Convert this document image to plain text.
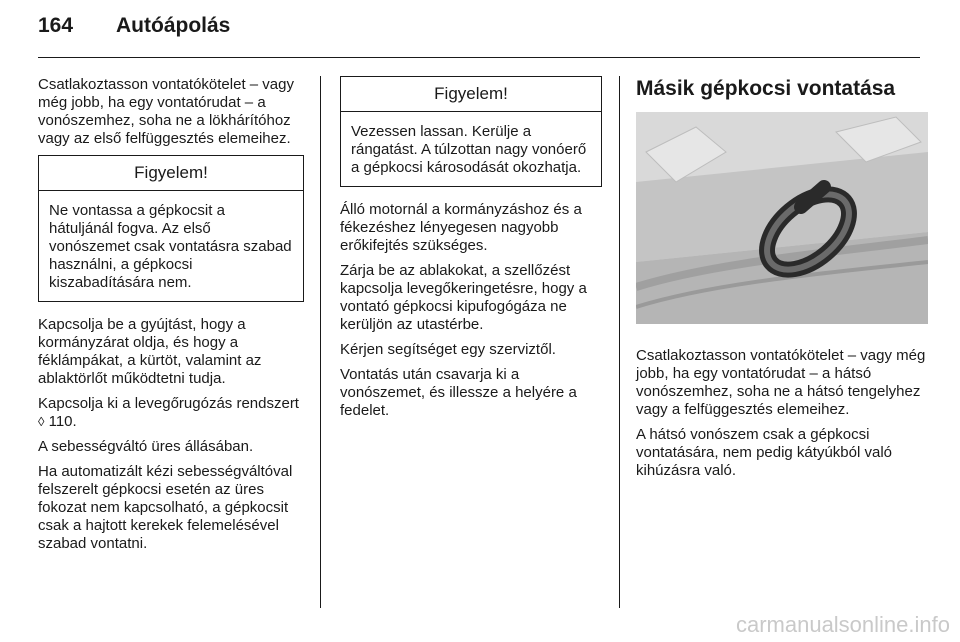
164	Autóápolás

Csatlakoztasson vontatókötelet – vagy még jobb, ha egy vontatórudat – a vonószemhez, soha ne a lökhárítóhoz vagy az első felfüggesztés elemeihez.

Figyelem!
Ne vontassa a gépkocsit a hátuljánál fogva. Az első vonószemet csak vontatásra szabad használni, a gépkocsi kiszabadítására nem.

Kapcsolja be a gyújtást, hogy a kormányzárat oldja, és hogy a féklámpákat, a kürtöt, valamint az ablaktörlőt működtetni tudja.

Kapcsolja ki a levegőrugózás rendszert ◊ 110.

A sebességváltó üres állásában.

Ha automatizált kézi sebességváltóval felszerelt gépkocsi esetén az üres fokozat nem kapcsolható, a gépkocsit csak a hajtott kerekek felemelésével szabad vontatni.

Figyelem!
Vezessen lassan. Kerülje a rángatást. A túlzottan nagy vonóerő a gépkocsi károsodását okozhatja.

Álló motornál a kormányzáshoz és a fékezéshez lényegesen nagyobb erőkifejtés szükséges.

Zárja be az ablakokat, a szellőzést kapcsolja levegőkeringetésre, hogy a vontató gépkocsi kipufogógáza ne kerüljön az utastérbe.

Kérjen segítséget egy szerviztől.

Vontatás után csavarja ki a vonószemet, és illessze a helyére a fedelet.

Másik gépkocsi vontatása

Csatlakoztasson vontatókötelet – vagy még jobb, ha egy vontatórudat – a hátsó vonószemhez, soha ne a hátsó tengelyhez vagy a felfüggesztés elemeihez.

A hátsó vonószem csak a gépkocsi vontatására, nem pedig kátyúkból való kihúzásra való.

carmanualsonline.info
